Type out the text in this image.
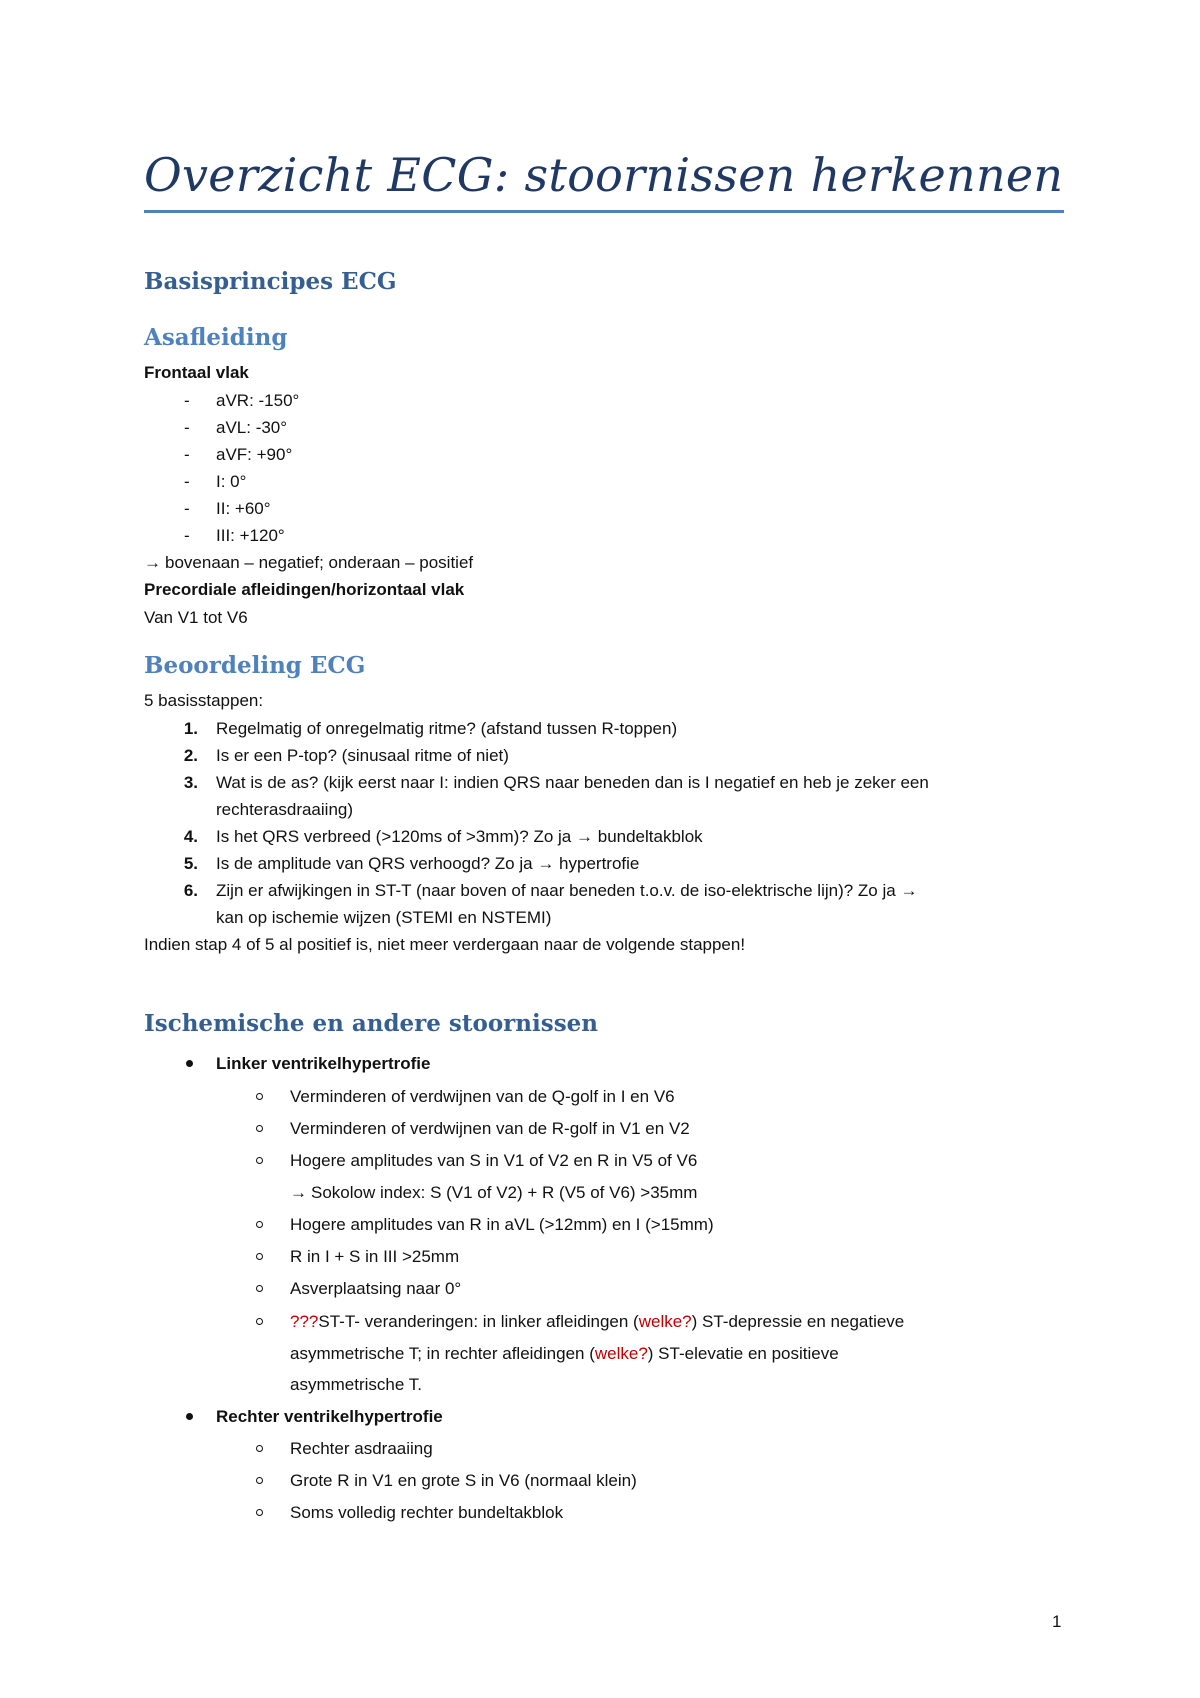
Overzicht ECG: stoornissen herkennen
Basisprincipes ECG
Asafleiding

Frontaal vlak

- aVR: -150°

- aVL: -30°

- aVF: +90°

- I: 0°

- II: +60°

- III: +120°

→ bovenaan – negatief; onderaan – positief

Precordiale afleidingen/horizontaal vlak

Van V1 tot V6

Beoordeling ECG

5 basisstappen:

1. Regelmatig of onregelmatig ritme? (afstand tussen R-toppen)

2. Is er een P-top? (sinusaal ritme of niet)

3. Wat is de as? (kijk eerst naar I: indien QRS naar beneden dan is I negatief en heb je zeker een

rechterasdraaiing)

4. Is het QRS verbreed (>120ms of >3mm)? Zo ja → bundeltakblok

5. Is de amplitude van QRS verhoogd? Zo ja → hypertrofie

6. Zijn er afwijkingen in ST-T (naar boven of naar beneden t.o.v. de iso-elektrische lijn)? Zo ja →

kan op ischemie wijzen (STEMI en NSTEMI)

Indien stap 4 of 5 al positief is, niet meer verdergaan naar de volgende stappen!

Ischemische en andere stoornissen

Linker ventrikelhypertrofie

Verminderen of verdwijnen van de Q-golf in I en V6

Verminderen of verdwijnen van de R-golf in V1 en V2

Hogere amplitudes van S in V1 of V2 en R in V5 of V6

→ Sokolow index: S (V1 of V2) + R (V5 of V6) >35mm

Hogere amplitudes van R in aVL (>12mm) en I (>15mm)

R in I + S in III >25mm

Asverplaatsing naar 0°

???ST-T- veranderingen: in linker afleidingen (welke?) ST-depressie en negatieve

asymmetrische T; in rechter afleidingen (welke?) ST-elevatie en positieve

asymmetrische T.

Rechter ventrikelhypertrofie

Rechter asdraaiing

Grote R in V1 en grote S in V6 (normaal klein)

Soms volledig rechter bundeltakblok

1
